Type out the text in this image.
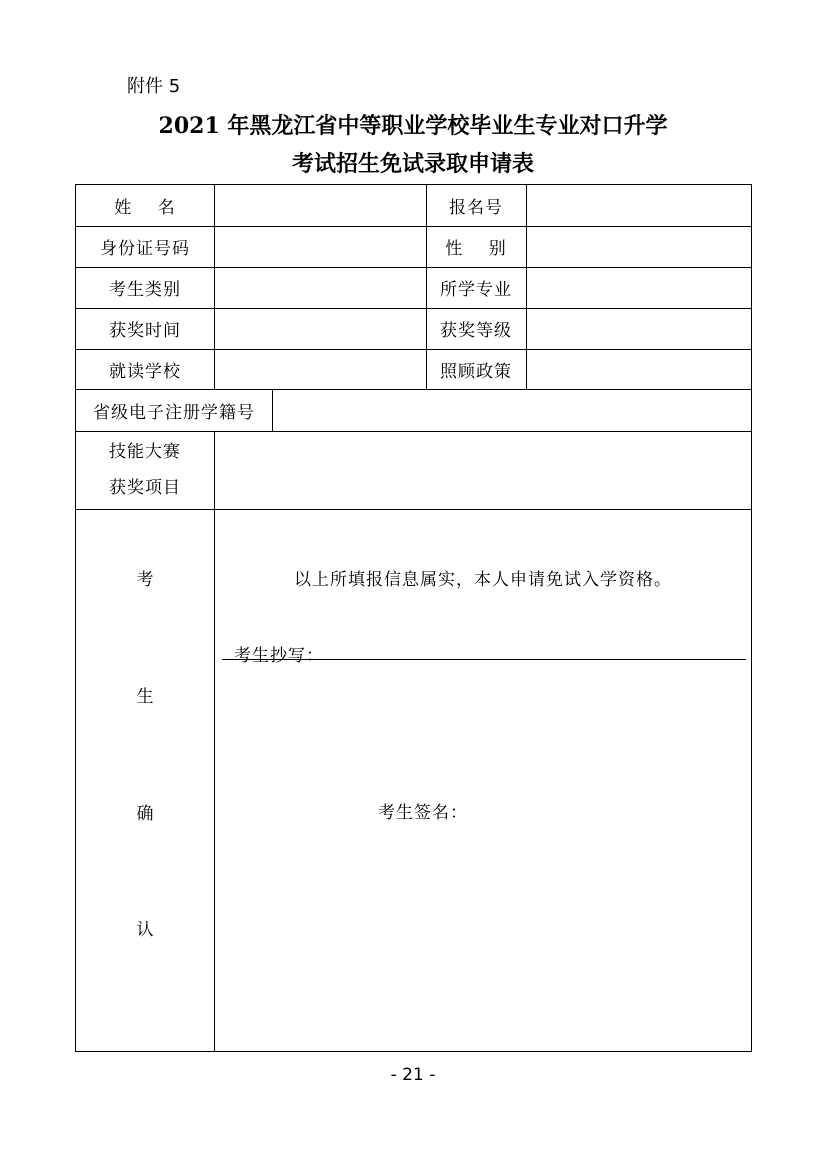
附件 5
2021 年黑龙江省中等职业学校毕业生专业对口升学
考试招生免试录取申请表
姓    名	报名号
身份证号码	性    别
考生类别	所学专业
获奖时间	获奖等级
就读学校	照顾政策
省级电子注册学籍号
技能大赛
获奖项目
考
生
确
认
以上所填报信息属实，本人申请免试入学资格。
考生抄写：
考生签名：
- 21 -
